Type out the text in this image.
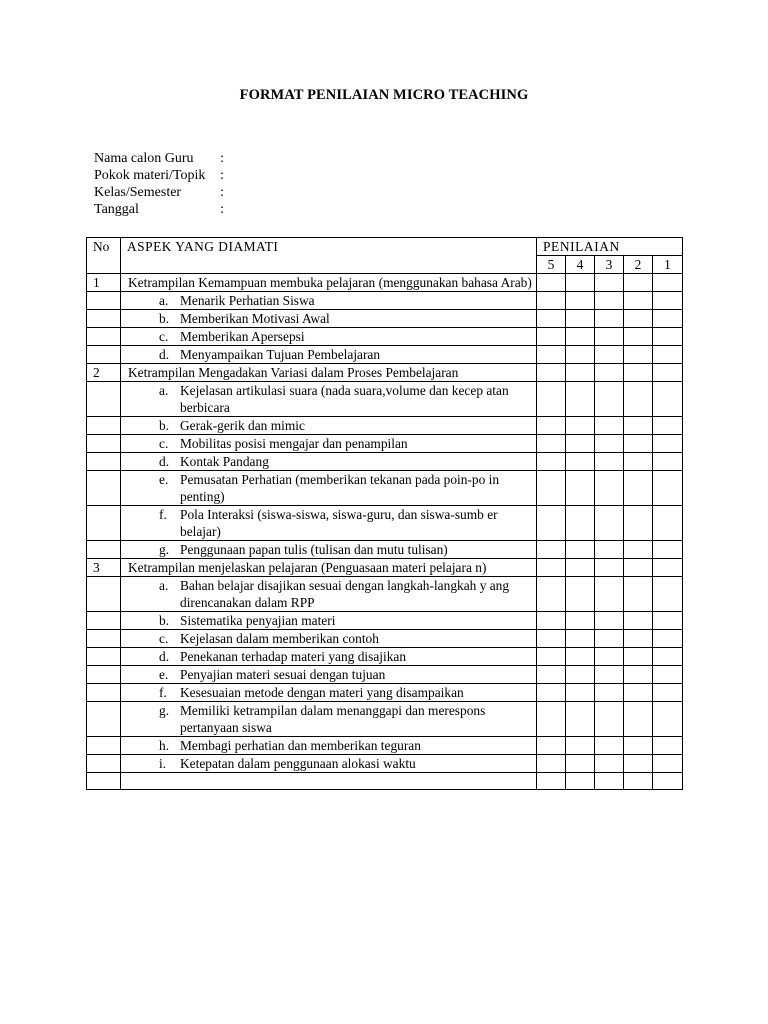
FORMAT PENILAIAN MICRO TEACHING
Nama calon Guru	:
Pokok materi/Topik	:
Kelas/Semester	:
Tanggal	:
No	ASPEK YANG DIAMATI	PENILAIAN				
		5	4	3	2	1
1	Ketrampilan Kemampuan membuka pelajaran (menggunakan bahasa Arab)					

	a. Menarik Perhatian Siswa					

	b. Memberikan Motivasi Awal					

	c. Memberikan Apersepsi					

	d. Menyampaikan Tujuan Pembelajaran					

2	Ketrampilan Mengadakan Variasi dalam Proses Pembelajaran					

	a. Kejelasan artikulasi suara (nada suara,volume dan kecep atan berbicara					

	b. Gerak-gerik dan mimic					

	c. Mobilitas posisi mengajar dan penampilan					

	d. Kontak Pandang					

	e. Pemusatan Perhatian (memberikan tekanan pada poin-po in penting)					

	f. Pola Interaksi (siswa-siswa, siswa-guru, dan siswa-sumb er belajar)					

	g. Penggunaan papan tulis (tulisan dan mutu tulisan)					

3	Ketrampilan menjelaskan pelajaran (Penguasaan materi pelajara n)					

	a. Bahan belajar disajikan sesuai dengan langkah-langkah y ang direncanakan dalam RPP					

	b. Sistematika penyajian materi					

	c. Kejelasan dalam memberikan contoh					

	d. Penekanan terhadap materi yang disajikan					

	e. Penyajian materi sesuai dengan tujuan					

	f. Kesesuaian metode dengan materi yang disampaikan					

	g. Memiliki ketrampilan dalam menanggapi dan merespons pertanyaan siswa					

	h. Membagi perhatian dan memberikan teguran					

	i. Ketepatan dalam penggunaan alokasi waktu					
